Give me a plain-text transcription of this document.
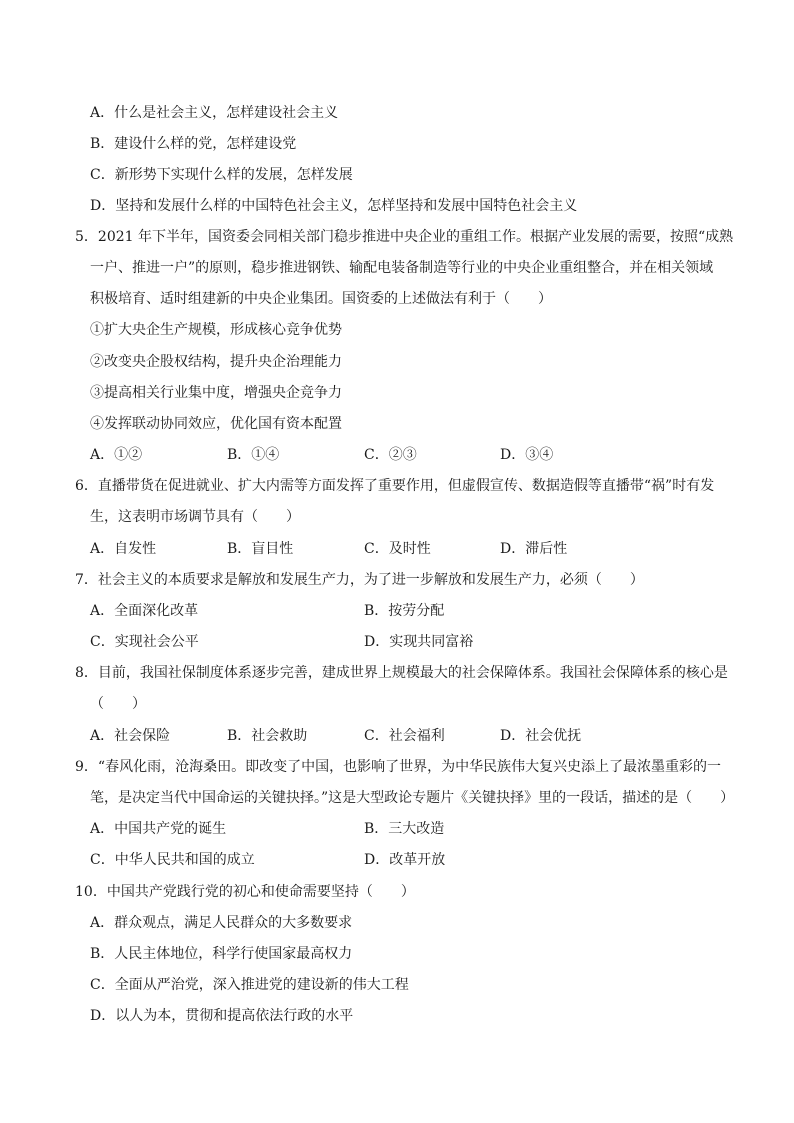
A．什么是社会主义，怎样建设社会主义
B．建设什么样的党，怎样建设党
C．新形势下实现什么样的发展，怎样发展
D．坚持和发展什么样的中国特色社会主义，怎样坚持和发展中国特色社会主义
5．2021 年下半年，国资委会同相关部门稳步推进中央企业的重组工作。根据产业发展的需要，按照“成熟
一户、推进一户”的原则，稳步推进钢铁、输配电装备制造等行业的中央企业重组整合，并在相关领域
积极培育、适时组建新的中央企业集团。国资委的上述做法有利于（　　）
①扩大央企生产规模，形成核心竞争优势
②改变央企股权结构，提升央企治理能力
③提高相关行业集中度，增强央企竞争力
④发挥联动协同效应，优化国有资本配置
A．①②	B．①④	C．②③	D．③④
6．直播带货在促进就业、扩大内需等方面发挥了重要作用，但虚假宣传、数据造假等直播带“祸”时有发
生，这表明市场调节具有（　　）
A．自发性	B．盲目性	C．及时性	D．滞后性
7．社会主义的本质要求是解放和发展生产力，为了进一步解放和发展生产力，必须（　　）
A．全面深化改革	B．按劳分配
C．实现社会公平	D．实现共同富裕
8．目前，我国社保制度体系逐步完善，建成世界上规模最大的社会保障体系。我国社会保障体系的核心是
（　　）
A．社会保险	B．社会救助	C．社会福利	D．社会优抚
9．“春风化雨，沧海桑田。即改变了中国，也影响了世界，为中华民族伟大复兴史添上了最浓墨重彩的一
笔，是决定当代中国命运的关键抉择。”这是大型政论专题片《关键抉择》里的一段话，描述的是（　　）
A．中国共产党的诞生	B．三大改造
C．中华人民共和国的成立	D．改革开放
10．中国共产党践行党的初心和使命需要坚持（　　）
A．群众观点，满足人民群众的大多数要求
B．人民主体地位，科学行使国家最高权力
C．全面从严治党，深入推进党的建设新的伟大工程
D．以人为本，贯彻和提高依法行政的水平
